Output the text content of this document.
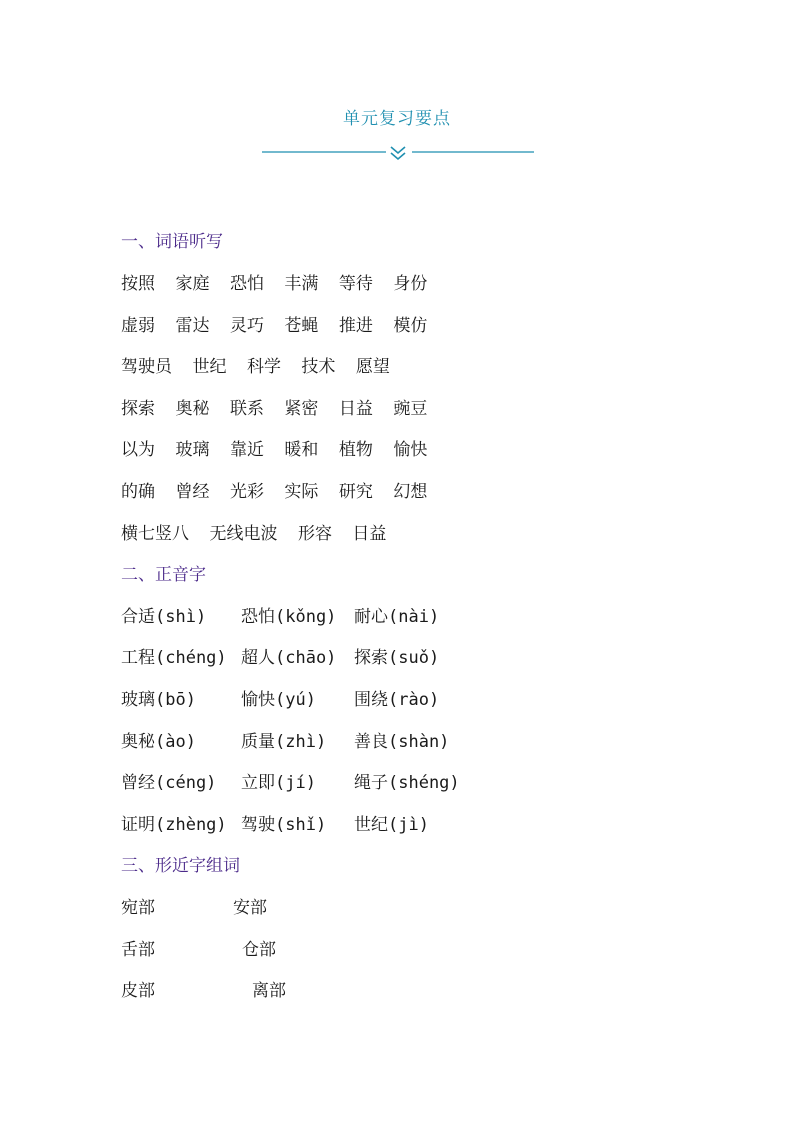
单元复习要点
一、词语听写
按照  家庭  恐怕  丰满  等待  身份
虚弱  雷达  灵巧  苍蝇  推进  模仿
驾驶员  世纪  科学  技术  愿望
探索  奥秘  联系  紧密  日益  豌豆
以为  玻璃  靠近  暖和  植物  愉快
的确  曾经  光彩  实际  研究  幻想
横七竖八  无线电波  形容  日益
二、正音字
合适(shì) 恐怕(kǒng) 耐心(nài)
工程(chéng) 超人(chāo) 探索(suǒ)
玻璃(bō)	愉快(yú) 围绕(rào)
奥秘(ào)	质量(zhì) 善良(shàn)
曾经(céng) 立即(jí) 绳子(shéng)
证明(zhèng) 驾驶(shǐ) 世纪(jì)
三、形近字组词
宛部	安部
舌部	仓部
皮部	离部
